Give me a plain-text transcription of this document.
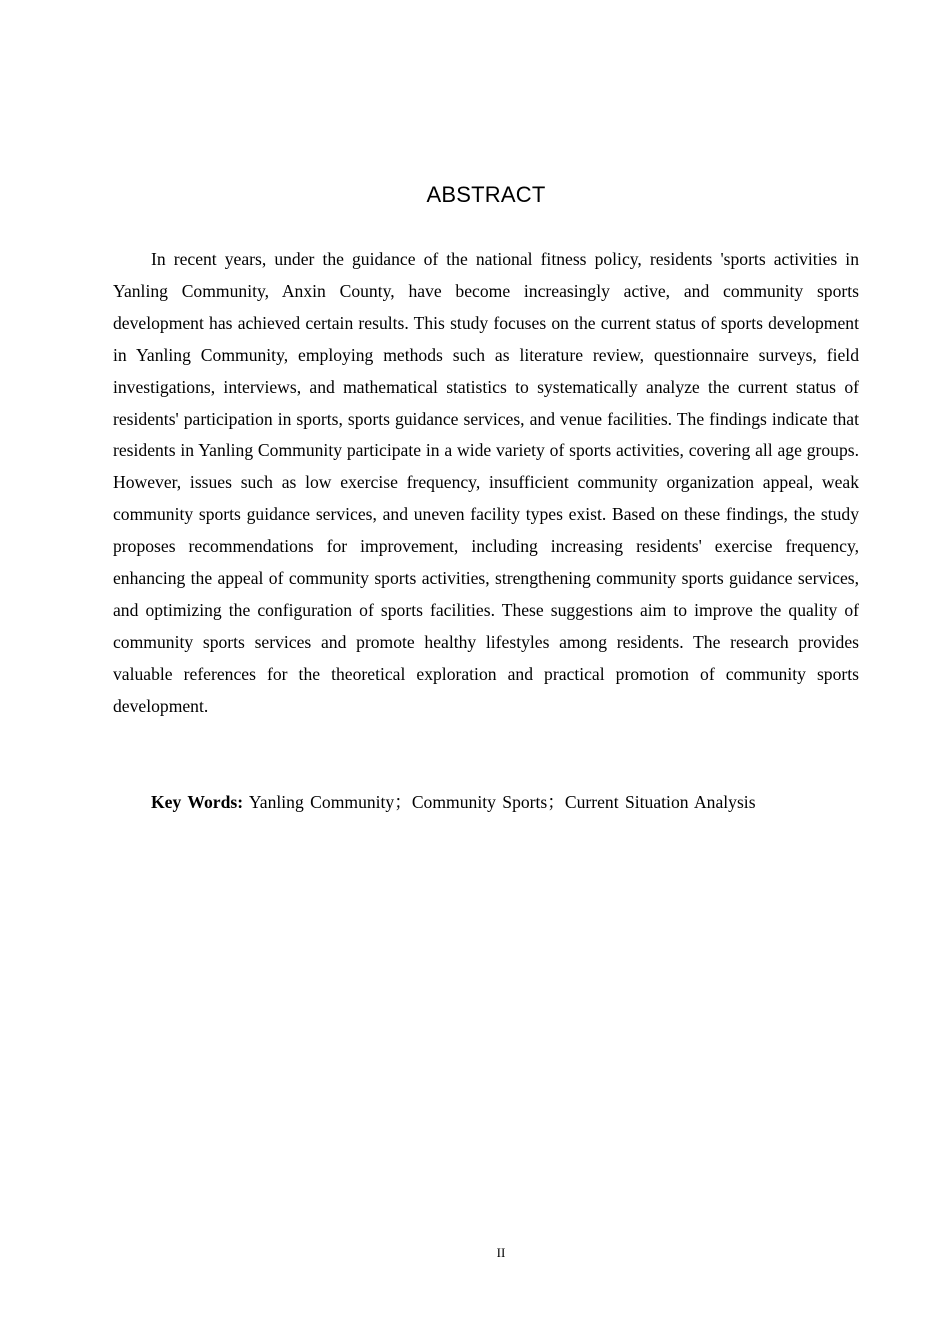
ABSTRACT

In recent years, under the guidance of the national fitness policy, residents 'sports activities in Yanling Community, Anxin County, have become increasingly active, and community sports development has achieved certain results. This study focuses on the current status of sports development in Yanling Community, employing methods such as literature review, questionnaire surveys, field investigations, interviews, and mathematical statistics to systematically analyze the current status of residents' participation in sports, sports guidance services, and venue facilities. The findings indicate that residents in Yanling Community participate in a wide variety of sports activities, covering all age groups. However, issues such as low exercise frequency, insufficient community organization appeal, weak community sports guidance services, and uneven facility types exist. Based on these findings, the study proposes recommendations for improvement, including increasing residents' exercise frequency, enhancing the appeal of community sports activities, strengthening community sports guidance services, and optimizing the configuration of sports facilities. These suggestions aim to improve the quality of community sports services and promote healthy lifestyles among residents. The research provides valuable references for the theoretical exploration and practical promotion of community sports development.

Key Words: Yanling Community；Community Sports；Current Situation Analysis

II
